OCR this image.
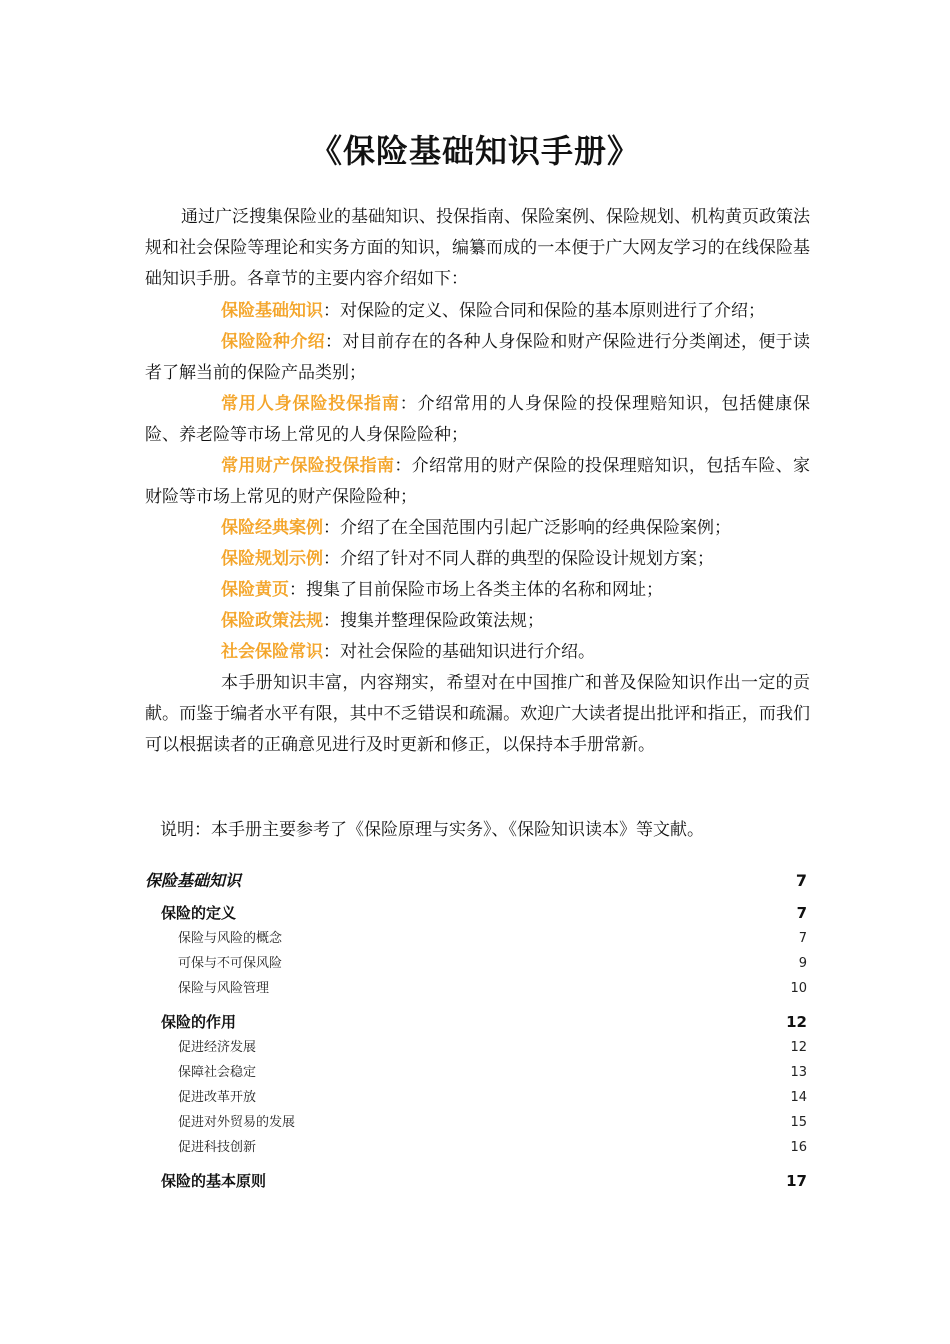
《保险基础知识手册》
通过广泛搜集保险业的基础知识、投保指南、保险案例、保险规划、机构黄页政策法规和社会保险等理论和实务方面的知识，编纂而成的一本便于广大网友学习的在线保险基础知识手册。各章节的主要内容介绍如下：

保险基础知识：对保险的定义、保险合同和保险的基本原则进行了介绍；

保险险种介绍：对目前存在的各种人身保险和财产保险进行分类阐述，便于读者了解当前的保险产品类别；

常用人身保险投保指南：介绍常用的人身保险的投保理赔知识，包括健康保险、养老险等市场上常见的人身保险险种；

常用财产保险投保指南：介绍常用的财产保险的投保理赔知识，包括车险、家财险等市场上常见的财产保险险种；

保险经典案例：介绍了在全国范围内引起广泛影响的经典保险案例；

保险规划示例：介绍了针对不同人群的典型的保险设计规划方案；

保险黄页：搜集了目前保险市场上各类主体的名称和网址；

保险政策法规：搜集并整理保险政策法规；

社会保险常识：对社会保险的基础知识进行介绍。

本手册知识丰富，内容翔实，希望对在中国推广和普及保险知识作出一定的贡献。而鉴于编者水平有限，其中不乏错误和疏漏。欢迎广大读者提出批评和指正，而我们可以根据读者的正确意见进行及时更新和修正，以保持本手册常新。

说明：本手册主要参考了《保险原理与实务》、《保险知识读本》等文献。
保险基础知识	7
保险的定义	7
保险与风险的概念	7
可保与不可保风险	9
保险与风险管理	10
保险的作用	12
促进经济发展	12
保障社会稳定	13
促进改革开放	14
促进对外贸易的发展	15
促进科技创新	16
保险的基本原则	17
